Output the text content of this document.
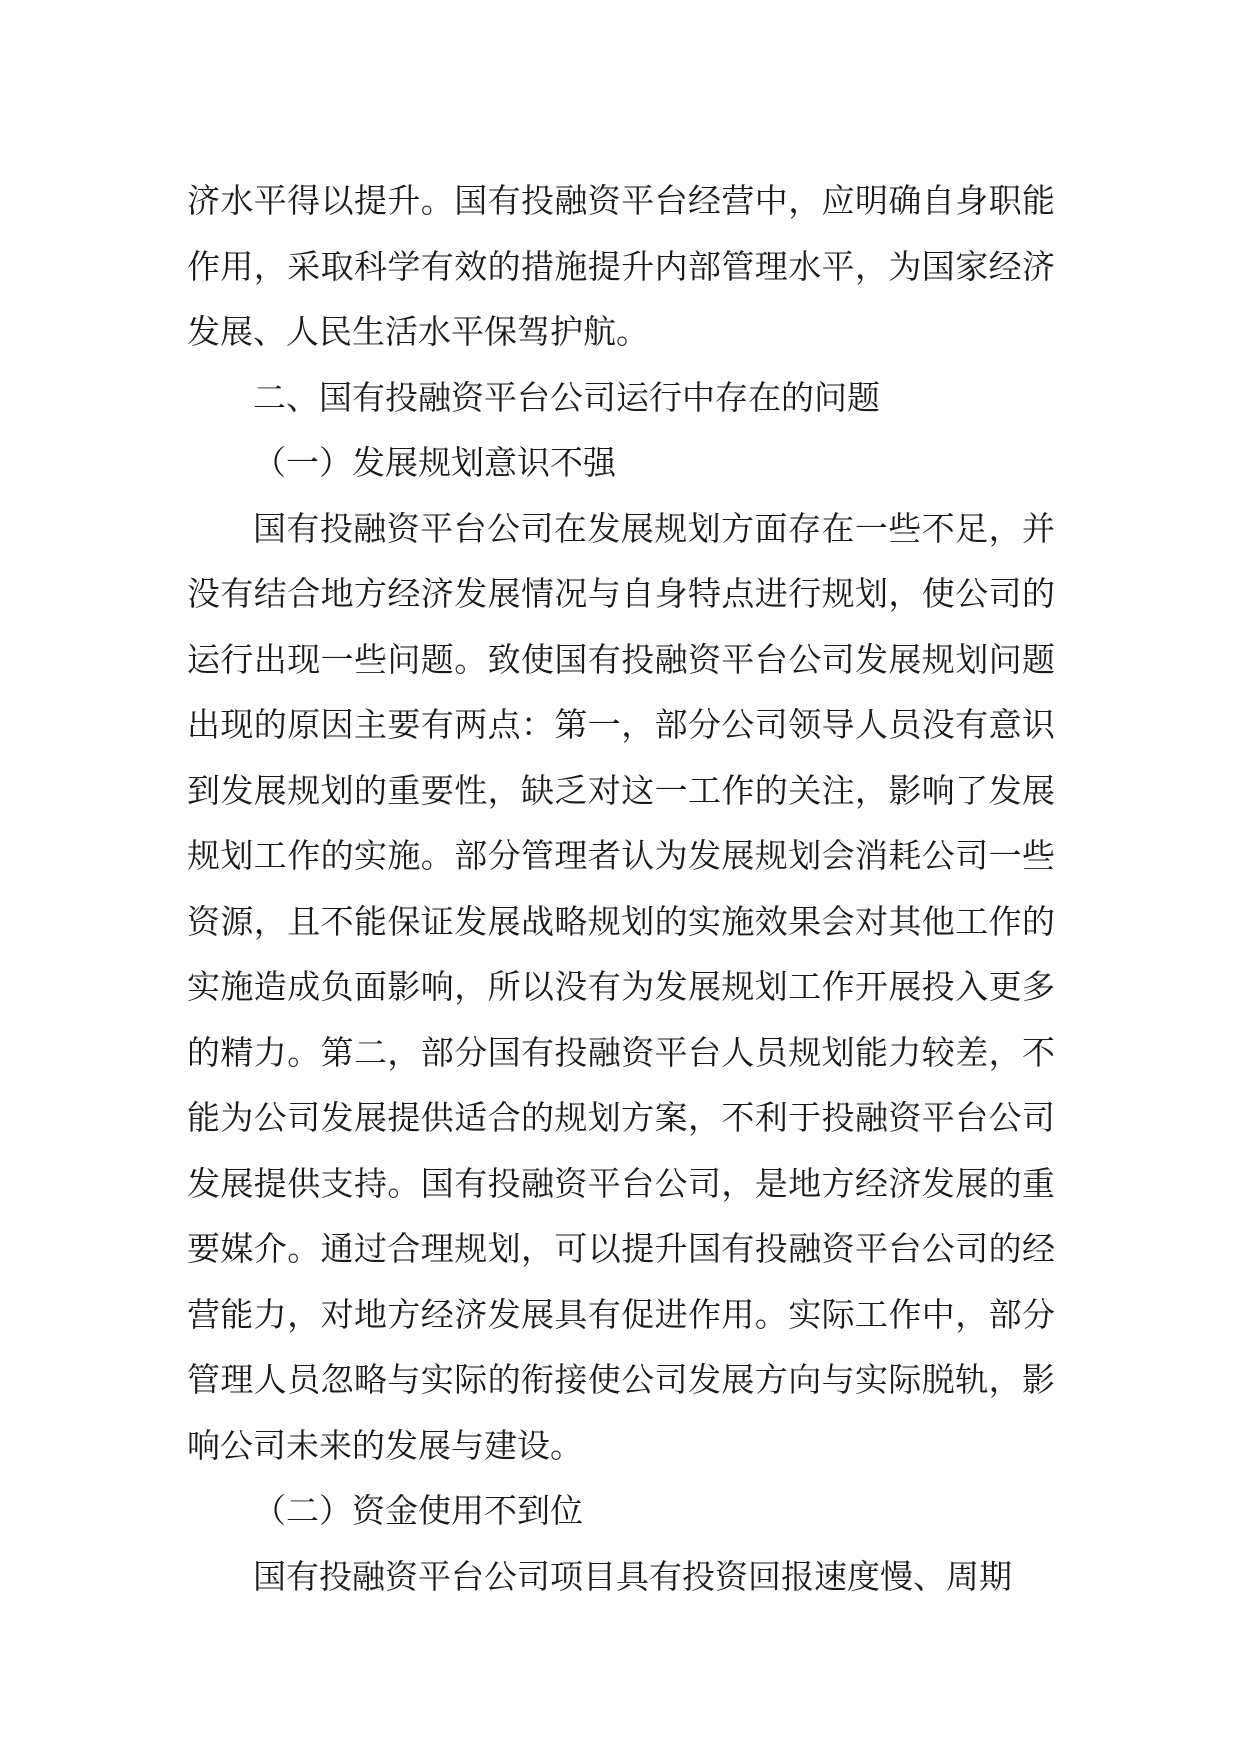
济水平得以提升。国有投融资平台经营中，应明确自身职能作用，采取科学有效的措施提升内部管理水平，为国家经济发展、人民生活水平保驾护航。

二、国有投融资平台公司运行中存在的问题

（一）发展规划意识不强

国有投融资平台公司在发展规划方面存在一些不足，并没有结合地方经济发展情况与自身特点进行规划，使公司的运行出现一些问题。致使国有投融资平台公司发展规划问题出现的原因主要有两点：第一，部分公司领导人员没有意识到发展规划的重要性，缺乏对这一工作的关注，影响了发展规划工作的实施。部分管理者认为发展规划会消耗公司一些资源，且不能保证发展战略规划的实施效果会对其他工作的实施造成负面影响，所以没有为发展规划工作开展投入更多的精力。第二，部分国有投融资平台人员规划能力较差，不能为公司发展提供适合的规划方案，不利于投融资平台公司发展提供支持。国有投融资平台公司，是地方经济发展的重要媒介。通过合理规划，可以提升国有投融资平台公司的经营能力，对地方经济发展具有促进作用。实际工作中，部分管理人员忽略与实际的衔接使公司发展方向与实际脱轨，影响公司未来的发展与建设。

（二）资金使用不到位

国有投融资平台公司项目具有投资回报速度慢、周期
